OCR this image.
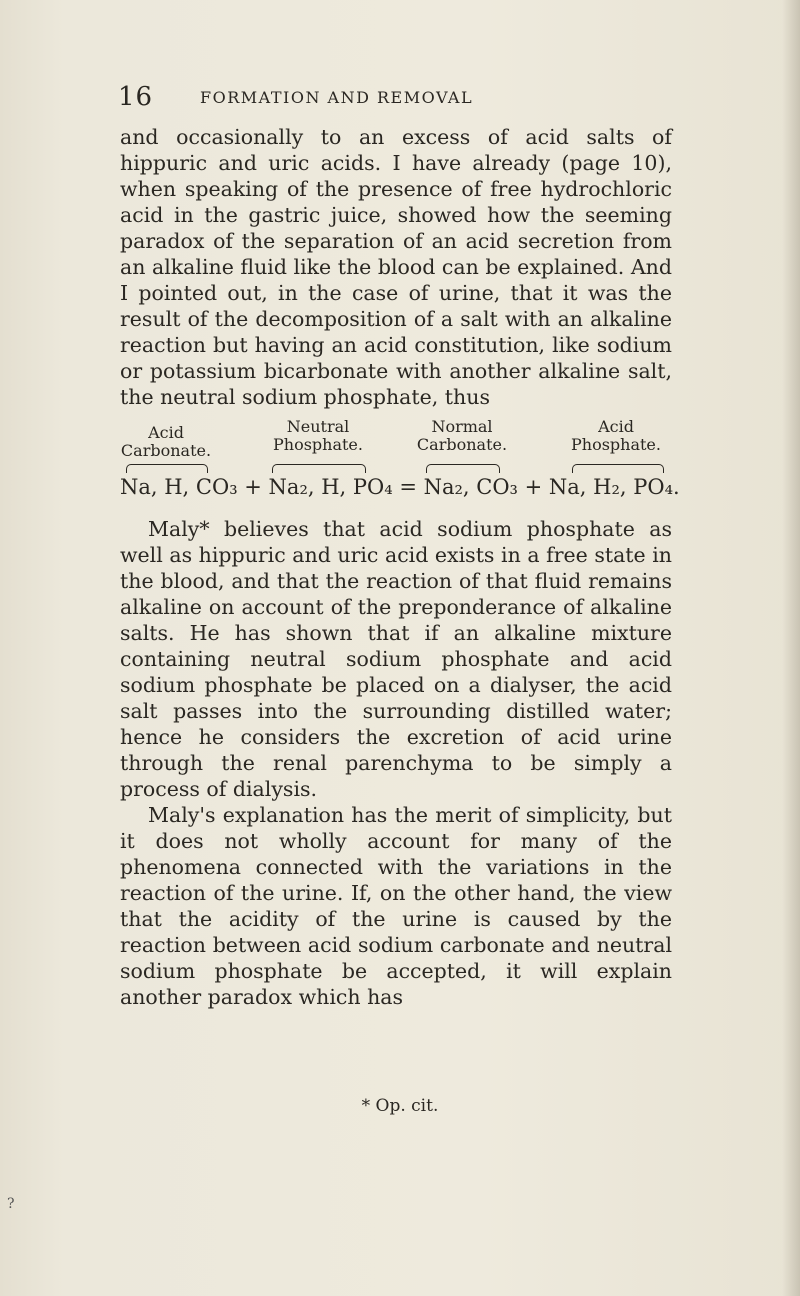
16	FORMATION AND REMOVAL

and occasionally to an excess of acid salts of hippuric and uric acids. I have already (page 10), when speaking of the presence of free hydrochloric acid in the gastric juice, showed how the seeming paradox of the separation of an acid secretion from an alkaline fluid like the blood can be explained. And I pointed out, in the case of urine, that it was the result of the decomposition of a salt with an alkaline reaction but having an acid constitution, like sodium or potassium bicarbonate with another alkaline salt, the neutral sodium phosphate, thus

Acid
Carbonate.
Neutral
Phosphate.
Normal
Carbonate.
Acid
Phosphate.
Na, H, CO₃ + Na₂, H, PO₄ = Na₂, CO₃ + Na, H₂, PO₄.

Maly* believes that acid sodium phosphate as well as hippuric and uric acid exists in a free state in the blood, and that the reaction of that fluid remains alkaline on account of the preponderance of alkaline salts. He has shown that if an alkaline mixture containing neutral sodium phosphate and acid sodium phosphate be placed on a dialyser, the acid salt passes into the surrounding distilled water; hence he considers the excretion of acid urine through the renal parenchyma to be simply a process of dialysis.

Maly's explanation has the merit of simplicity, but it does not wholly account for many of the phenomena connected with the variations in the reaction of the urine. If, on the other hand, the view that the acidity of the urine is caused by the reaction between acid sodium carbonate and neutral sodium phosphate be accepted, it will explain another paradox which has

* Op. cit.
?
